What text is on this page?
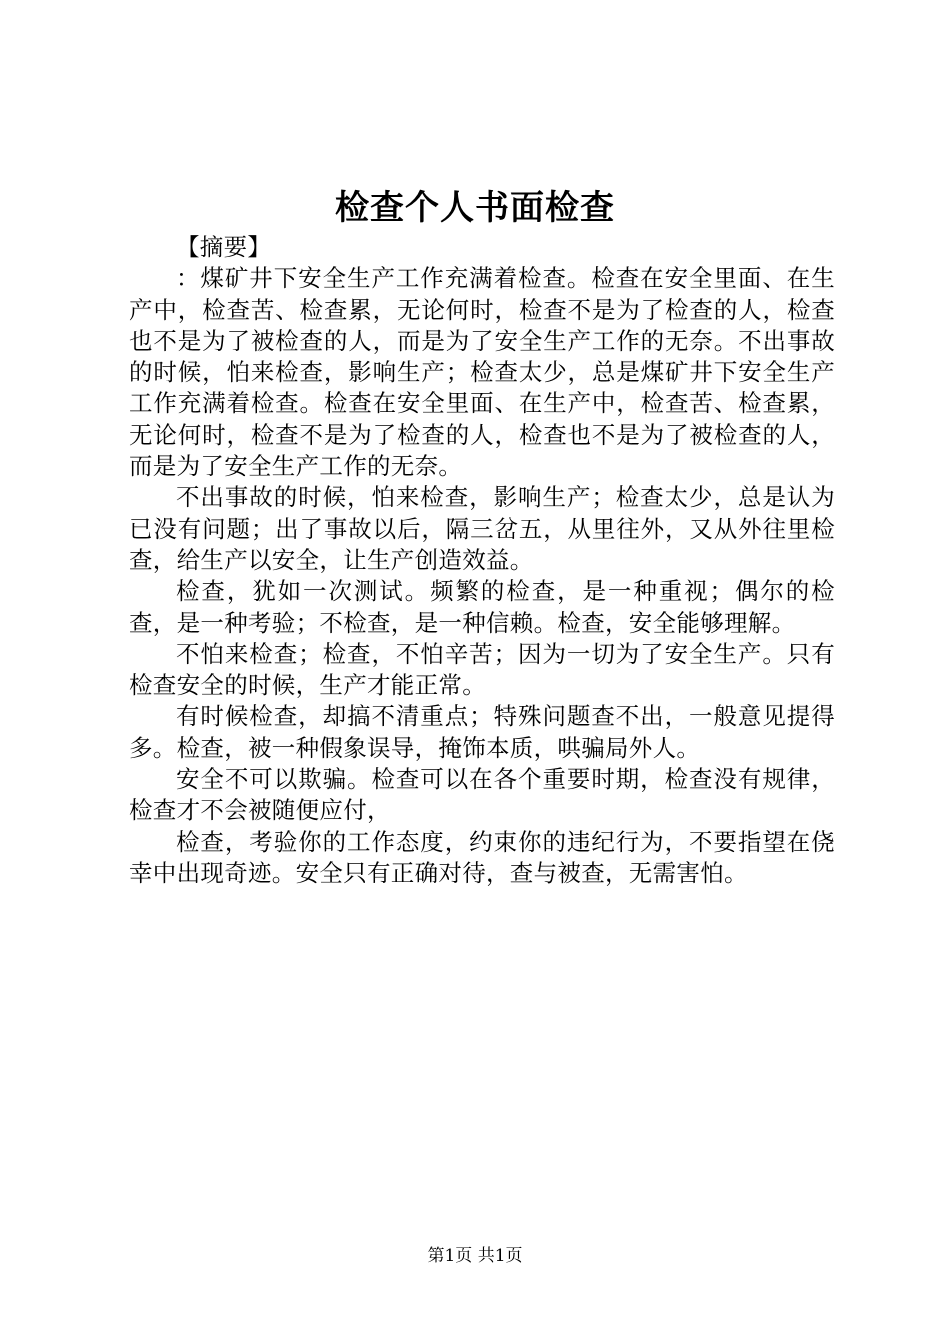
检查个人书面检查

【摘要】

：煤矿井下安全生产工作充满着检查。检查在安全里面、在生产中，检查苦、检查累，无论何时，检查不是为了检查的人，检查也不是为了被检查的人，而是为了安全生产工作的无奈。不出事故的时候，怕来检查，影响生产；检查太少，总是煤矿井下安全生产工作充满着检查。检查在安全里面、在生产中，检查苦、检查累，无论何时，检查不是为了检查的人，检查也不是为了被检查的人，而是为了安全生产工作的无奈。

不出事故的时候，怕来检查，影响生产；检查太少，总是认为已没有问题；出了事故以后，隔三岔五，从里往外，又从外往里检查，给生产以安全，让生产创造效益。

检查，犹如一次测试。频繁的检查，是一种重视；偶尔的检查，是一种考验；不检查，是一种信赖。检查，安全能够理解。

不怕来检查；检查，不怕辛苦；因为一切为了安全生产。只有检查安全的时候，生产才能正常。

有时候检查，却搞不清重点；特殊问题查不出，一般意见提得多。检查，被一种假象误导，掩饰本质，哄骗局外人。

安全不可以欺骗。检查可以在各个重要时期，检查没有规律，检查才不会被随便应付，

检查，考验你的工作态度，约束你的违纪行为，不要指望在侥幸中出现奇迹。安全只有正确对待，查与被查，无需害怕。

第1页 共1页
